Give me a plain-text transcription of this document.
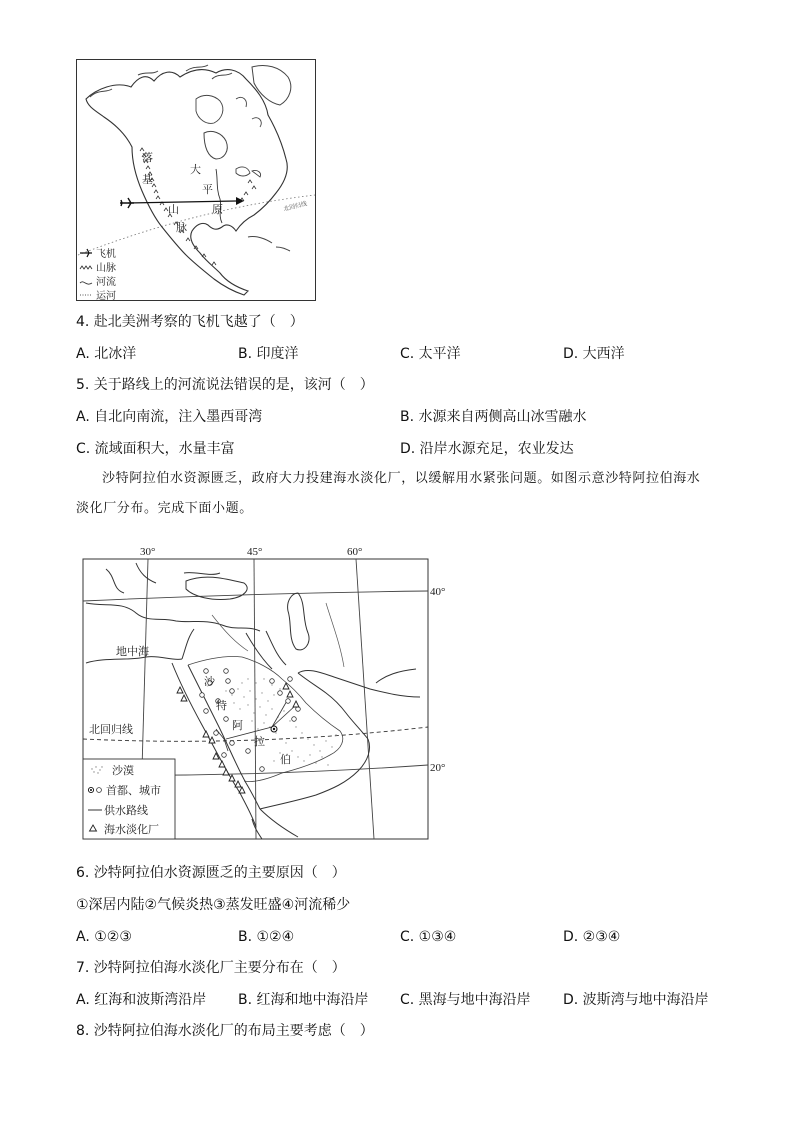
落
基
山
脉
大
平
原	北回归线
飞机
山脉
河流
运河
4. 赴北美洲考察的飞机飞越了（　）
A. 北冰洋	B. 印度洋	C. 太平洋	D. 大西洋
5. 关于路线上的河流说法错误的是，该河（　）
A. 自北向南流，注入墨西哥湾	B. 水源来自两侧高山冰雪融水
C. 流域面积大，水量丰富	D. 沿岸水源充足，农业发达
沙特阿拉伯水资源匮乏，政府大力投建海水淡化厂，以缓解用水紧张问题。如图示意沙特阿拉伯海水
淡化厂分布。完成下面小题。
30°	45°	60°
40°
20°
地中海
北回归线
沙
特
阿
拉
伯
沙漠
首都、城市
供水路线
海水淡化厂
6. 沙特阿拉伯水资源匮乏的主要原因（　）
①深居内陆②气候炎热③蒸发旺盛④河流稀少
A. ①②③	B. ①②④	C. ①③④	D. ②③④
7. 沙特阿拉伯海水淡化厂主要分布在（　）
A. 红海和波斯湾沿岸 B. 红海和地中海沿岸 C. 黑海与地中海沿岸 D. 波斯湾与地中海沿岸
8. 沙特阿拉伯海水淡化厂的布局主要考虑（　）
